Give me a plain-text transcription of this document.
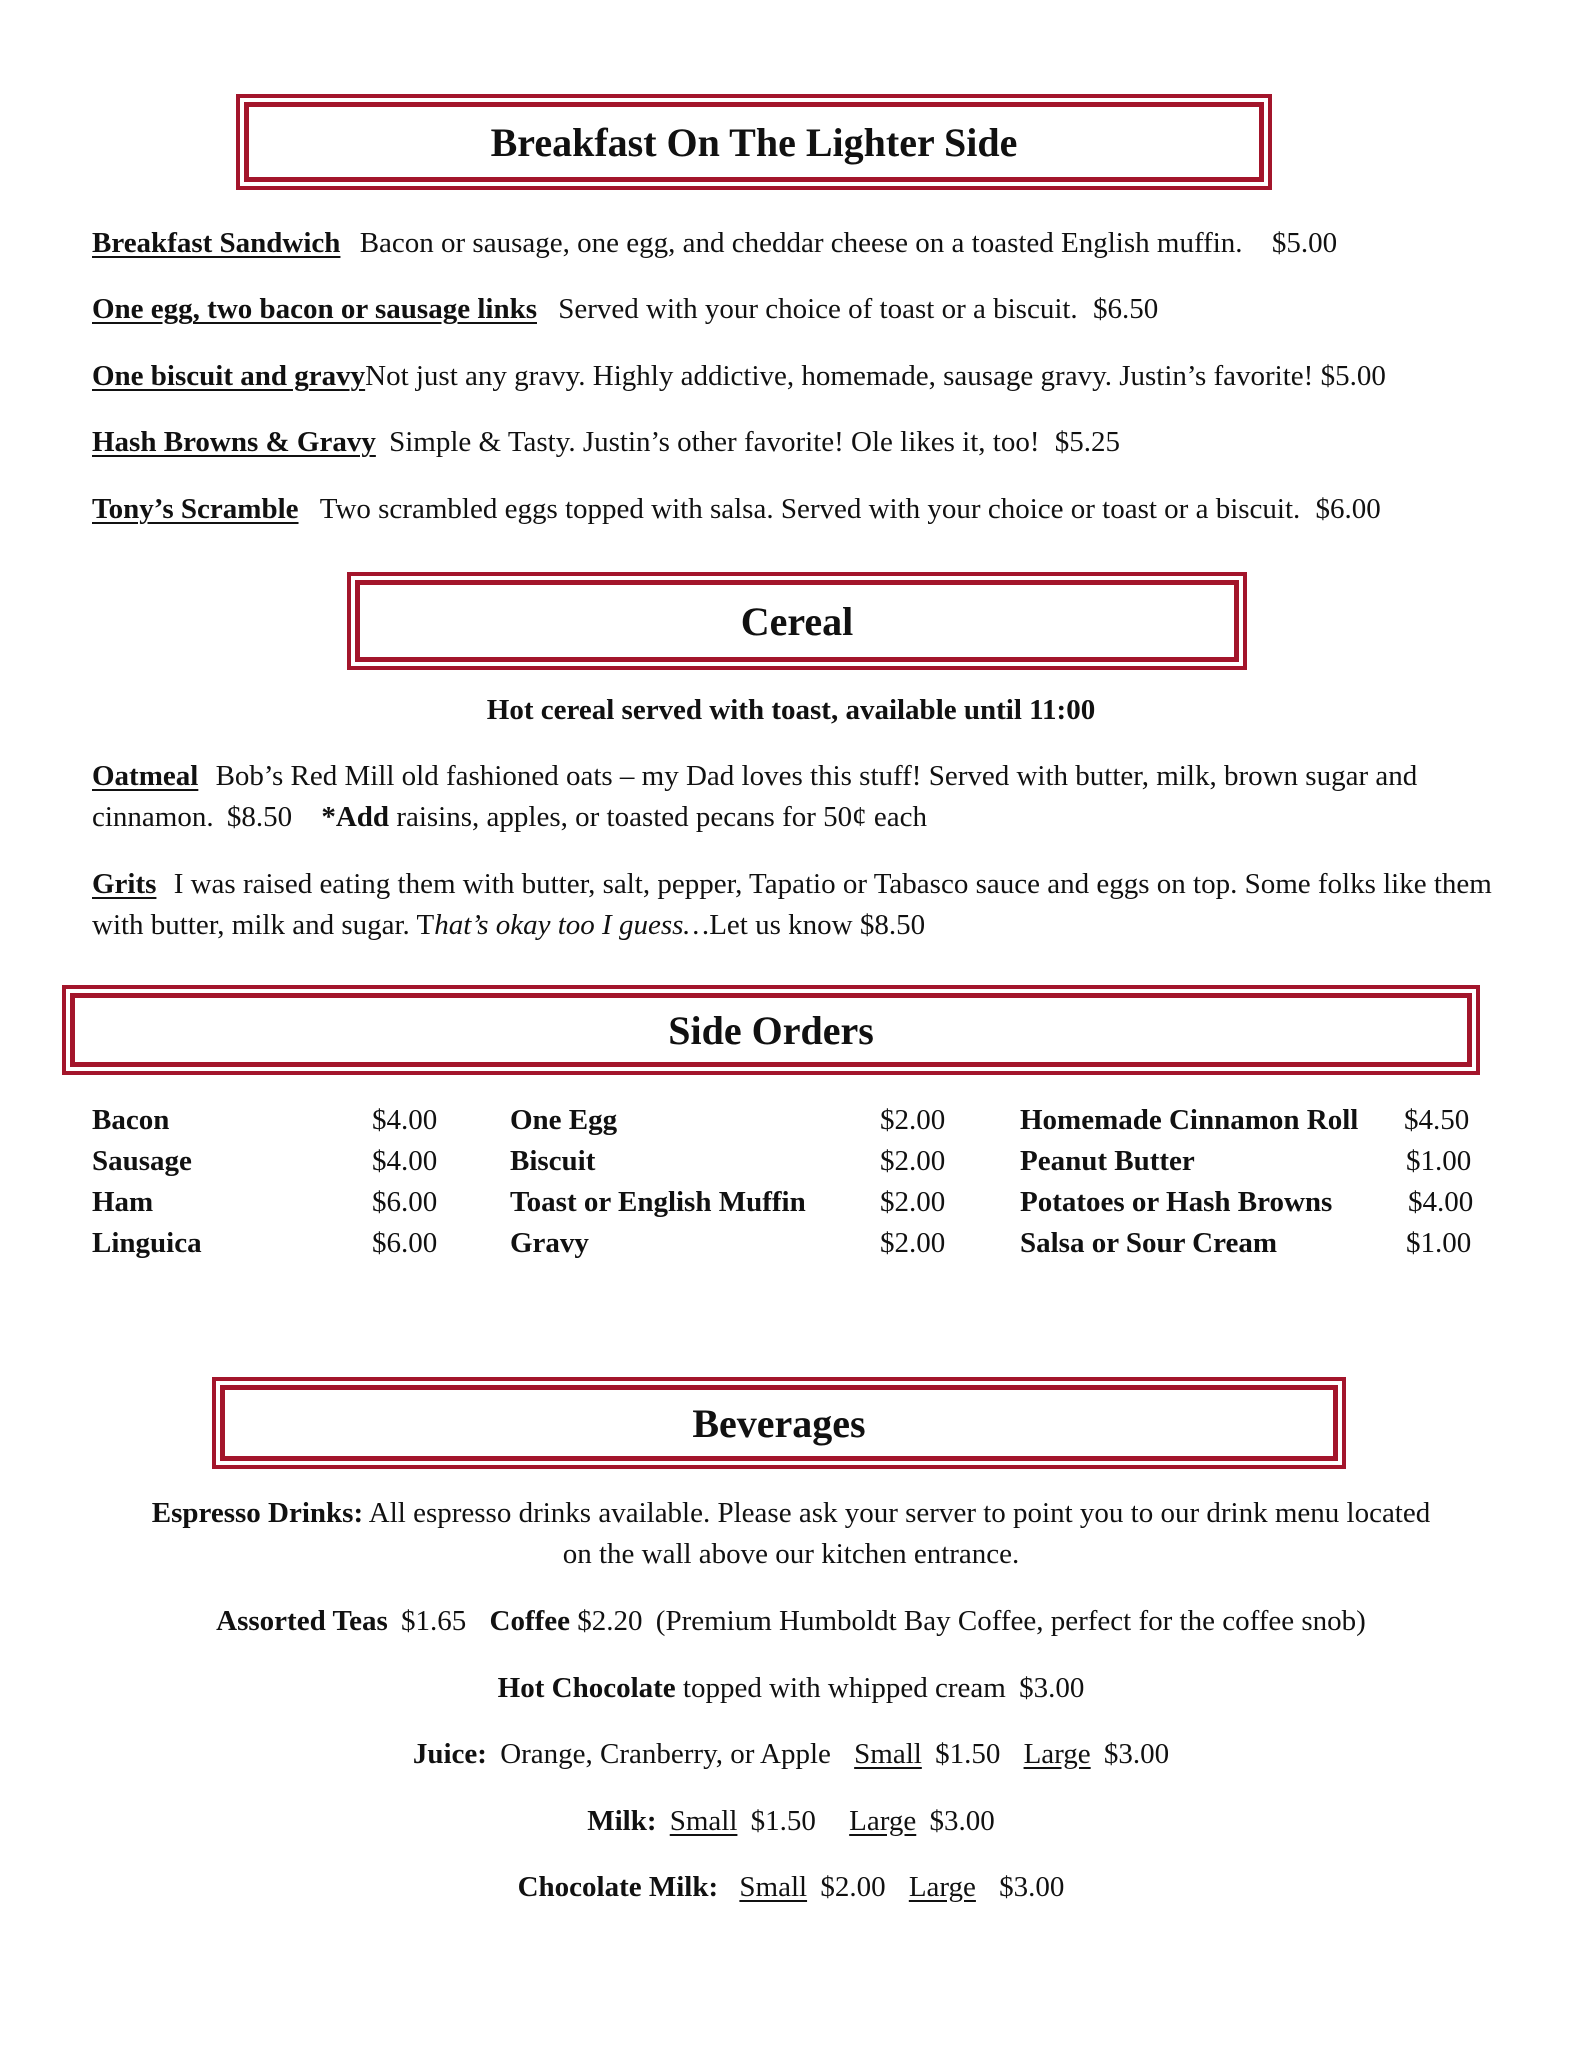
Breakfast On The Lighter Side
Breakfast Sandwich Bacon or sausage, one egg, and cheddar cheese on a toasted English muffin. $5.00
One egg, two bacon or sausage links Served with your choice of toast or a biscuit. $6.50
One biscuit and gravyNot just any gravy. Highly addictive, homemade, sausage gravy. Justin’s favorite! $5.00
Hash Browns & Gravy Simple & Tasty. Justin’s other favorite! Ole likes it, too! $5.25
Tony’s Scramble Two scrambled eggs topped with salsa. Served with your choice or toast or a biscuit. $6.00
Cereal
Hot cereal served with toast, available until 11:00
Oatmeal Bob’s Red Mill old fashioned oats – my Dad loves this stuff! Served with butter, milk, brown sugar and cinnamon. $8.50 *Add raisins, apples, or toasted pecans for 50¢ each
Grits I was raised eating them with butter, salt, pepper, Tapatio or Tabasco sauce and eggs on top. Some folks like them with butter, milk and sugar. That’s okay too I guess…Let us know $8.50
Side Orders
Bacon	$4.00
Sausage	$4.00
Ham	$6.00
Linguica	$6.00
One Egg	$2.00
Biscuit	$2.00
Toast or English Muffin	$2.00
Gravy	$2.00
Homemade Cinnamon Roll $4.50
Peanut Butter	$1.00
Potatoes or Hash Browns	$4.00
Salsa or Sour Cream	$1.00
Beverages
Espresso Drinks: All espresso drinks available. Please ask your server to point you to our drink menu located
on the wall above our kitchen entrance.
Assorted Teas $1.65 Coffee $2.20 (Premium Humboldt Bay Coffee, perfect for the coffee snob)
Hot Chocolate topped with whipped cream $3.00
Juice: Orange, Cranberry, or Apple Small $1.50 Large $3.00
Milk: Small $1.50 Large $3.00
Chocolate Milk: Small $2.00 Large $3.00
